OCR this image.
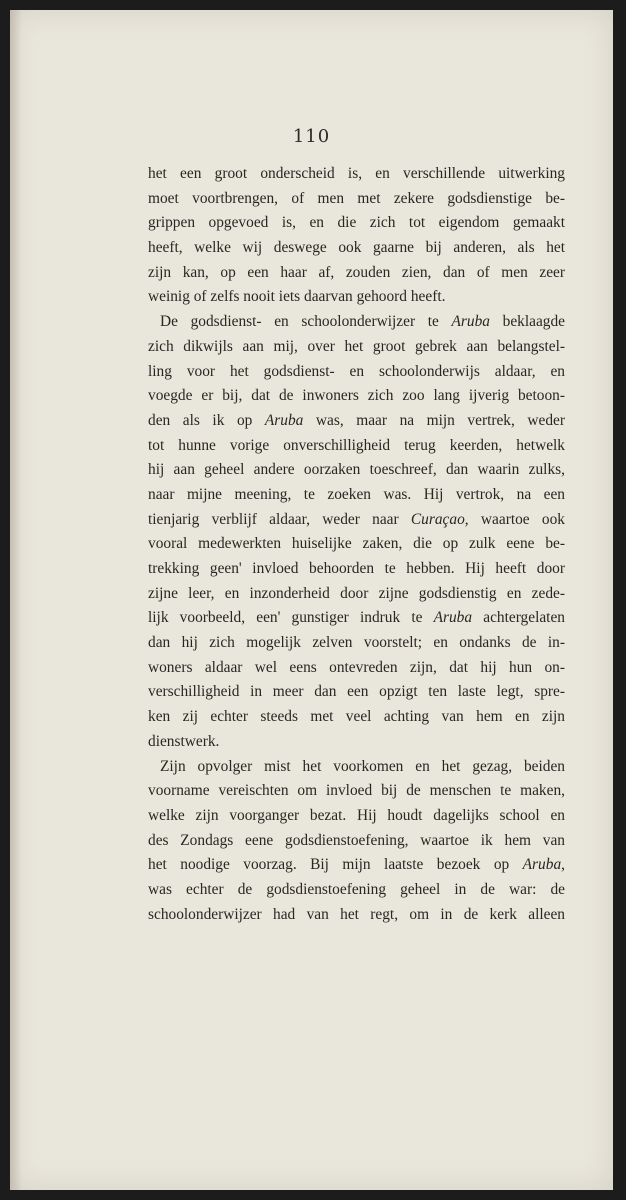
110
het een groot onderscheid is, en verschillende uitwerking
moet voortbrengen, of men met zekere godsdienstige be-
grippen opgevoed is, en die zich tot eigendom gemaakt
heeft, welke wij deswege ook gaarne bij anderen, als het
zijn kan, op een haar af, zouden zien, dan of men zeer
weinig of zelfs nooit iets daarvan gehoord heeft.
De godsdienst- en schoolonderwijzer te Aruba beklaagde
zich dikwijls aan mij, over het groot gebrek aan belangstel-
ling voor het godsdienst- en schoolonderwijs aldaar, en
voegde er bij, dat de inwoners zich zoo lang ijverig betoon-
den als ik op Aruba was, maar na mijn vertrek, weder
tot hunne vorige onverschilligheid terug keerden, hetwelk
hij aan geheel andere oorzaken toeschreef, dan waarin zulks,
naar mijne meening, te zoeken was. Hij vertrok, na een
tienjarig verblijf aldaar, weder naar Curaçao, waartoe ook
vooral medewerkten huiselijke zaken, die op zulk eene be-
trekking geen' invloed behoorden te hebben. Hij heeft door
zijne leer, en inzonderheid door zijne godsdienstig en zede-
lijk voorbeeld, een' gunstiger indruk te Aruba achtergelaten
dan hij zich mogelijk zelven voorstelt; en ondanks de in-
woners aldaar wel eens ontevreden zijn, dat hij hun on-
verschilligheid in meer dan een opzigt ten laste legt, spre-
ken zij echter steeds met veel achting van hem en zijn
dienstwerk.
Zijn opvolger mist het voorkomen en het gezag, beiden
voorname vereischten om invloed bij de menschen te maken,
welke zijn voorganger bezat. Hij houdt dagelijks school en
des Zondags eene godsdienstoefening, waartoe ik hem van
het noodige voorzag. Bij mijn laatste bezoek op Aruba,
was echter de godsdienstoefening geheel in de war: de
schoolonderwijzer had van het regt, om in de kerk alleen
